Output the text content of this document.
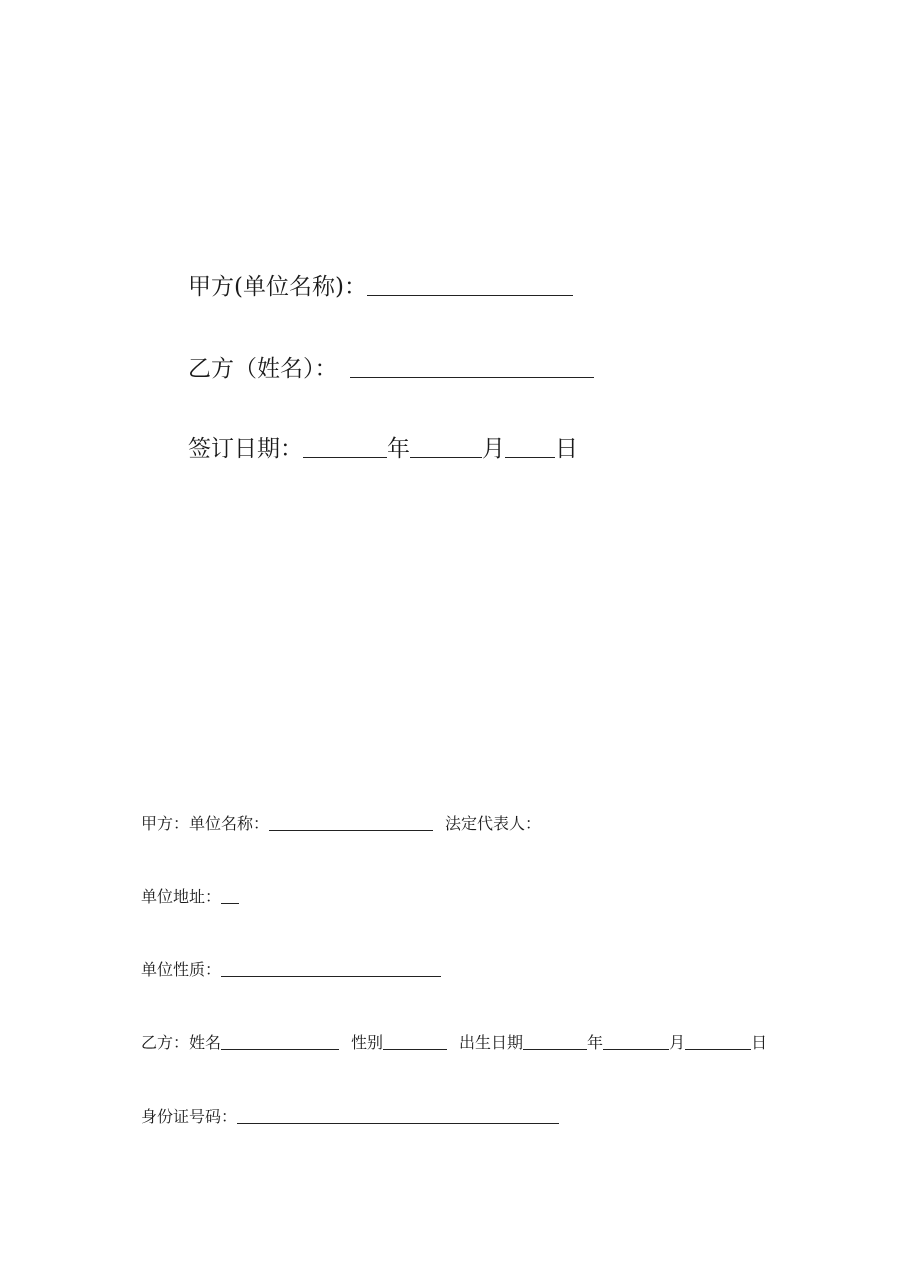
甲方(单位名称)：
乙方（姓名）：
签订日期：	年	月 日
甲方：单位名称：	法定代表人：
单位地址：
单位性质：
乙方：姓名	性别	出生日期	年	月	日
身份证号码：
